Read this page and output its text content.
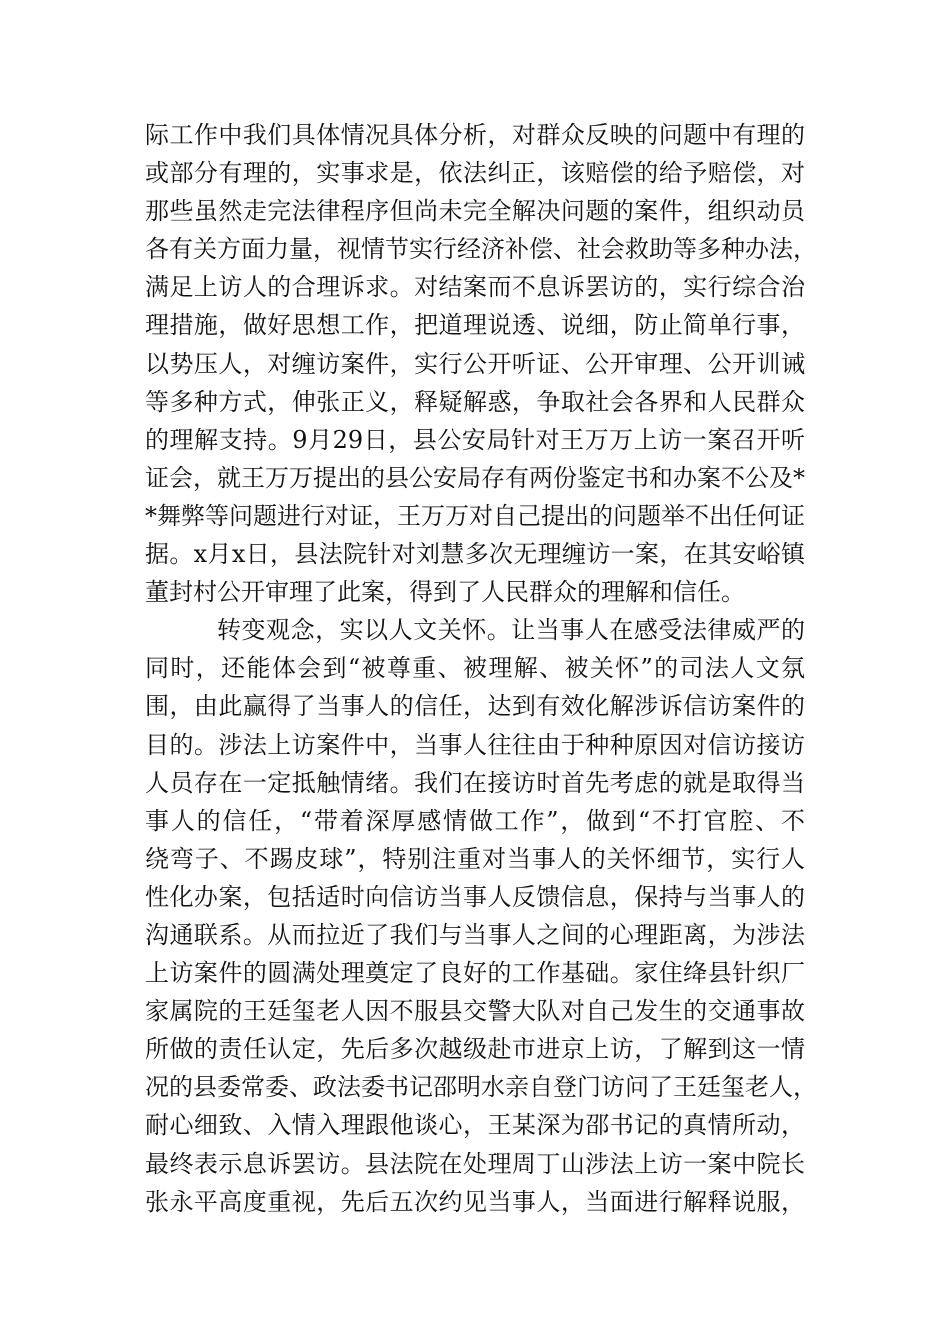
际工作中我们具体情况具体分析，对群众反映的问题中有理的
或部分有理的，实事求是，依法纠正，该赔偿的给予赔偿，对
那些虽然走完法律程序但尚未完全解决问题的案件，组织动员
各有关方面力量，视情节实行经济补偿、社会救助等多种办法，
满足上访人的合理诉求。对结案而不息诉罢访的，实行综合治
理措施，做好思想工作，把道理说透、说细，防止简单行事，
以势压人，对缠访案件，实行公开听证、公开审理、公开训诫
等多种方式，伸张正义，释疑解惑，争取社会各界和人民群众
的理解支持。9月29日，县公安局针对王万万上访一案召开听
证会，就王万万提出的县公安局存有两份鉴定书和办案不公及*
*舞弊等问题进行对证，王万万对自己提出的问题举不出任何证
据。x月x日，县法院针对刘慧多次无理缠访一案，在其安峪镇
董封村公开审理了此案，得到了人民群众的理解和信任。
转变观念，实以人文关怀。让当事人在感受法律威严的
同时，还能体会到“被尊重、被理解、被关怀”的司法人文氛
围，由此赢得了当事人的信任，达到有效化解涉诉信访案件的
目的。涉法上访案件中，当事人往往由于种种原因对信访接访
人员存在一定抵触情绪。我们在接访时首先考虑的就是取得当
事人的信任，“带着深厚感情做工作”，做到“不打官腔、不
绕弯子、不踢皮球”，特别注重对当事人的关怀细节，实行人
性化办案，包括适时向信访当事人反馈信息，保持与当事人的
沟通联系。从而拉近了我们与当事人之间的心理距离，为涉法
上访案件的圆满处理奠定了良好的工作基础。家住绛县针织厂
家属院的王廷玺老人因不服县交警大队对自己发生的交通事故
所做的责任认定，先后多次越级赴市进京上访，了解到这一情
况的县委常委、政法委书记邵明水亲自登门访问了王廷玺老人，
耐心细致、入情入理跟他谈心，王某深为邵书记的真情所动，
最终表示息诉罢访。县法院在处理周丁山涉法上访一案中院长
张永平高度重视，先后五次约见当事人，当面进行解释说服，
